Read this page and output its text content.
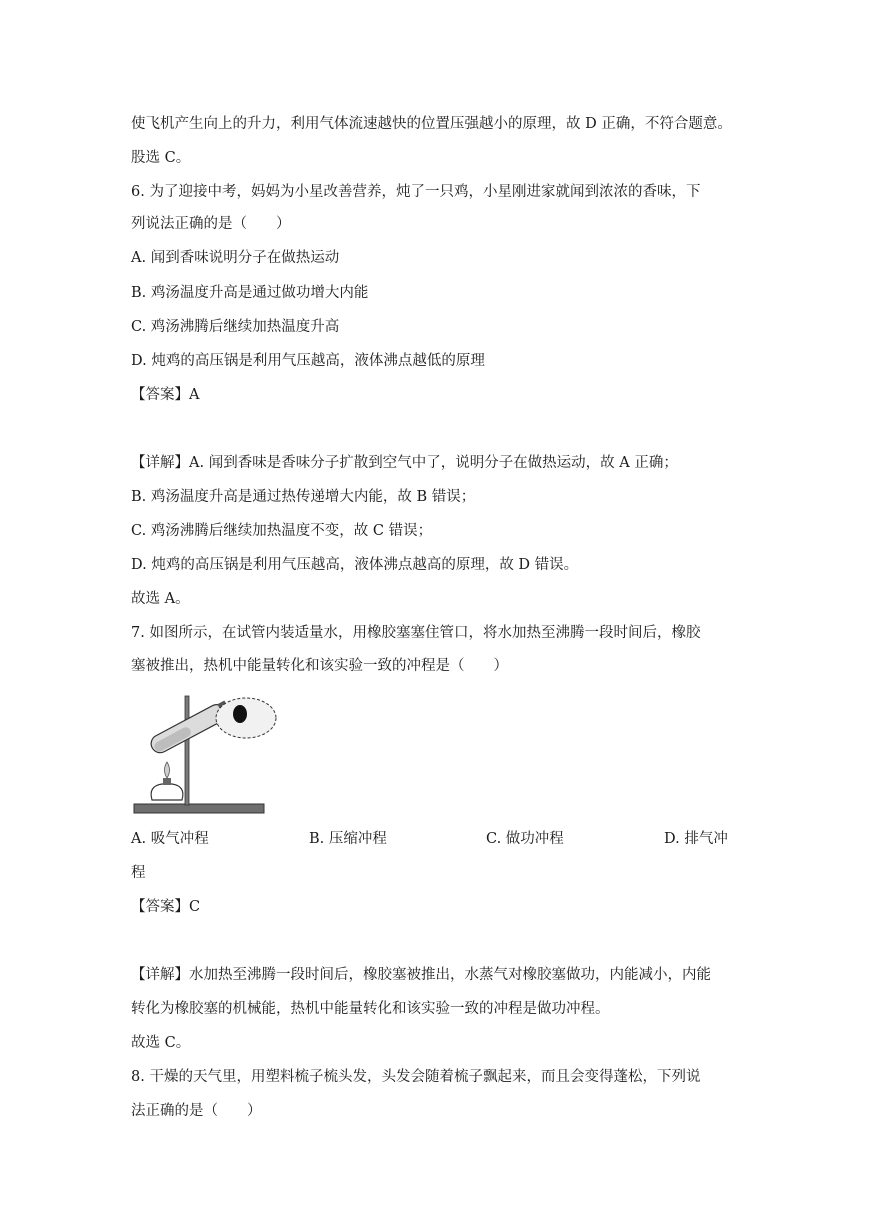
使飞机产生向上的升力，利用气体流速越快的位置压强越小的原理，故 D 正确，不符合题意。
股选 C。
6. 为了迎接中考，妈妈为小星改善营养，炖了一只鸡，小星刚进家就闻到浓浓的香味，下
列说法正确的是（　　）
A. 闻到香味说明分子在做热运动
B. 鸡汤温度升高是通过做功增大内能
C. 鸡汤沸腾后继续加热温度升高
D. 炖鸡的高压锅是利用气压越高，液体沸点越低的原理
【答案】A
【详解】A. 闻到香味是香味分子扩散到空气中了，说明分子在做热运动，故 A 正确；
B. 鸡汤温度升高是通过热传递增大内能，故 B 错误；
C. 鸡汤沸腾后继续加热温度不变，故 C 错误；
D. 炖鸡的高压锅是利用气压越高，液体沸点越高的原理，故 D 错误。
故选 A。
7. 如图所示，在试管内装适量水，用橡胶塞塞住管口，将水加热至沸腾一段时间后，橡胶
塞被推出，热机中能量转化和该实验一致的冲程是（　　）
A. 吸气冲程	B. 压缩冲程	C. 做功冲程	D. 排气冲
程
【答案】C
【详解】水加热至沸腾一段时间后，橡胶塞被推出，水蒸气对橡胶塞做功，内能减小，内能
转化为橡胶塞的机械能，热机中能量转化和该实验一致的冲程是做功冲程。
故选 C。
8. 干燥的天气里，用塑料梳子梳头发，头发会随着梳子飘起来，而且会变得蓬松，下列说
法正确的是（　　）
